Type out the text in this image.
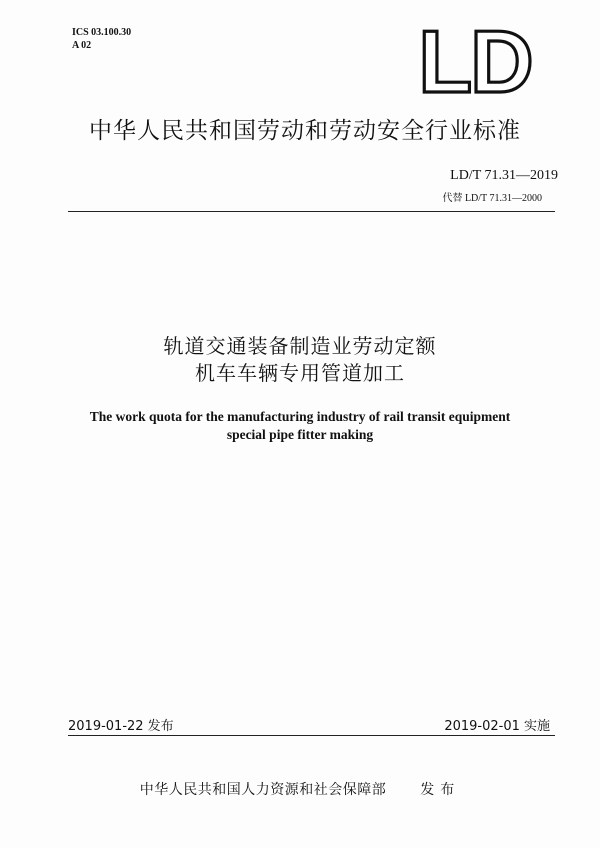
ICS 03.100.30
A 02	LD
中华人民共和国劳动和劳动安全行业标准
LD/T 71.31—2019
代替 LD/T 71.31—2000
轨道交通装备制造业劳动定额
机车车辆专用管道加工
The work quota for the manufacturing industry of rail transit equipment
special pipe fitter making
2019-01-22 发布	2019-02-01 实施
中华人民共和国人力资源和社会保障部 发布
